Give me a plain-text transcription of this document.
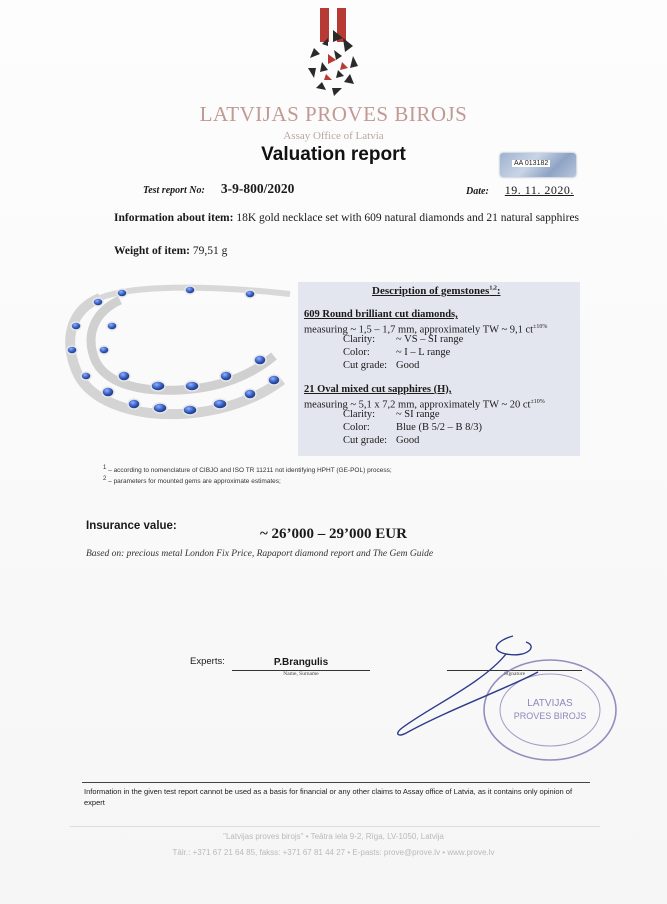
LATVIJAS PROVES BIROJS
Assay Office of Latvia
Valuation report	AA 013182
Test report No: 3-9-800/2020	Date: 19. 11. 2020.
Information about item: 18K gold necklace set with 609 natural diamonds and 21 natural sapphires
Weight of item: 79,51 g
Description of gemstones$^{1,2}$:
609 Round brilliant cut diamonds,
measuring ~ 1,5 – 1,7 mm, approximately TW ~ 9,1 $ct^{\pm 10\%}$
Clarity: ~ VS – SI range
Color: ~ I – L range
Cut grade: Good
21 Oval mixed cut sapphires (H),
measuring ~ 5,1 x 7,2 mm, approximately TW ~ 20 $ct^{\pm 10\%}$
Clarity: ~ SI range
Color: Blue (B 5/2 – B 8/3)
Cut grade: Good
1 – according to nomenclature of CIBJO and ISO TR 11211 not identifying HPHT (GE-POL) process;
2 – parameters for mounted gems are approximate estimates;
Insurance value:	~ 26’000 – 29’000 EUR
Based on: precious metal London Fix Price, Rapaport diamond report and The Gem Guide
Experts:	P.Brangulis
Name, Surname	Signature
LATVIJAS
PROVES BIROJS
Information in the given test report cannot be used as a basis for financial or any other claims to Assay office of Latvia, as it contains only opinion of expert
"Latvijas proves birojs" • Teātra iela 9-2, Rīga, LV-1050, Latvija
Tālr.: +371 67 21 64 85, fakss: +371 67 81 44 27 • E-pasts: prove@prove.lv • www.prove.lv
